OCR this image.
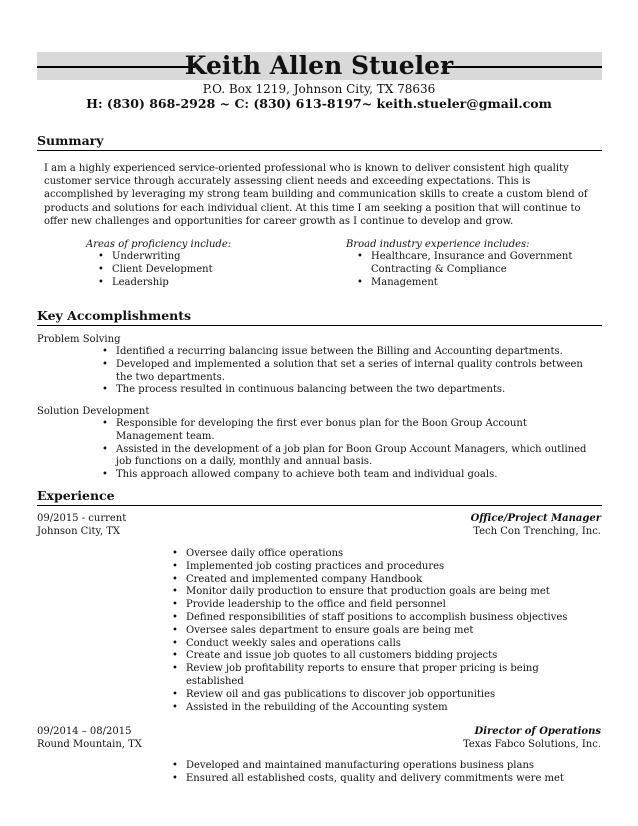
Keith Allen Stueler
P.O. Box 1219, Johnson City, TX 78636
H: (830) 868-2928 ~ C: (830) 613-8197~ keith.stueler@gmail.com
Summary
I am a highly experienced service-oriented professional who is known to deliver consistent high quality customer service through accurately assessing client needs and exceeding expectations. This is accomplished by leveraging my strong team building and communication skills to create a custom blend of products and solutions for each individual client. At this time I am seeking a position that will continue to offer new challenges and opportunities for career growth as I continue to develop and grow.
Areas of proficiency include:
• Underwriting
• Client Development
• Leadership
Broad industry experience includes:
• Healthcare, Insurance and Government Contracting & Compliance
• Management
Key Accomplishments
Problem Solving
• Identified a recurring balancing issue between the Billing and Accounting departments.
• Developed and implemented a solution that set a series of internal quality controls between the two departments.
• The process resulted in continuous balancing between the two departments.
Solution Development
• Responsible for developing the first ever bonus plan for the Boon Group Account Management team.
• Assisted in the development of a job plan for Boon Group Account Managers, which outlined job functions on a daily, monthly and annual basis.
• This approach allowed company to achieve both team and individual goals.
Experience
09/2015 - current
Johnson City, TX
Office/Project Manager
Tech Con Trenching, Inc.
• Oversee daily office operations
• Implemented job costing practices and procedures
• Created and implemented company Handbook
• Monitor daily production to ensure that production goals are being met
• Provide leadership to the office and field personnel
• Defined responsibilities of staff positions to accomplish business objectives
• Oversee sales department to ensure goals are being met
• Conduct weekly sales and operations calls
• Create and issue job quotes to all customers bidding projects
• Review job profitability reports to ensure that proper pricing is being established
• Review oil and gas publications to discover job opportunities
• Assisted in the rebuilding of the Accounting system
09/2014 – 08/2015
Round Mountain, TX
Director of Operations
Texas Fabco Solutions, Inc.
• Developed and maintained manufacturing operations business plans
• Ensured all established costs, quality and delivery commitments were met
